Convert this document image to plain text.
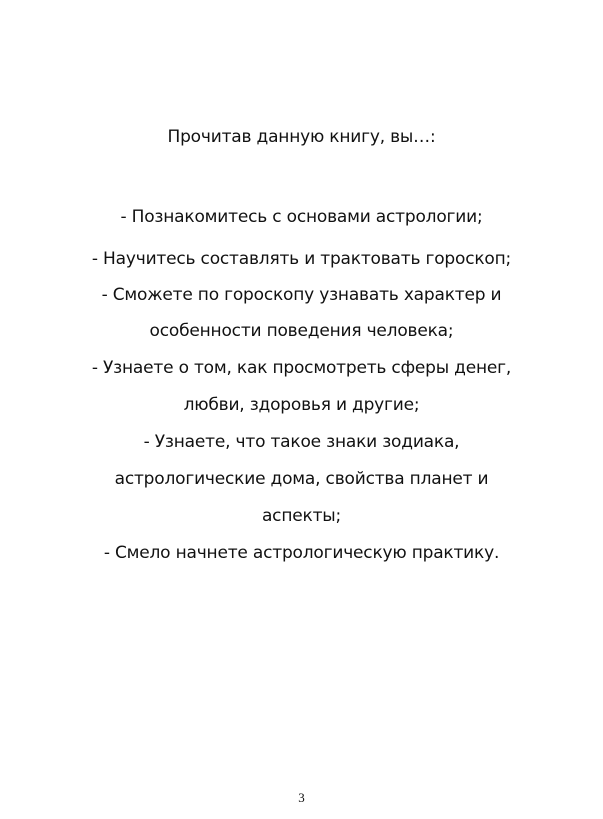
Прочитав данную книгу, вы…:
- Познакомитесь с основами астрологии;
- Научитесь составлять и трактовать гороскоп;
- Сможете по гороскопу узнавать характер и
особенности поведения человека;
- Узнаете о том, как просмотреть сферы денег,
любви, здоровья и другие;
- Узнаете, что такое знаки зодиака,
астрологические дома, свойства планет и
аспекты;
- Смело начнете астрологическую практику.
3
